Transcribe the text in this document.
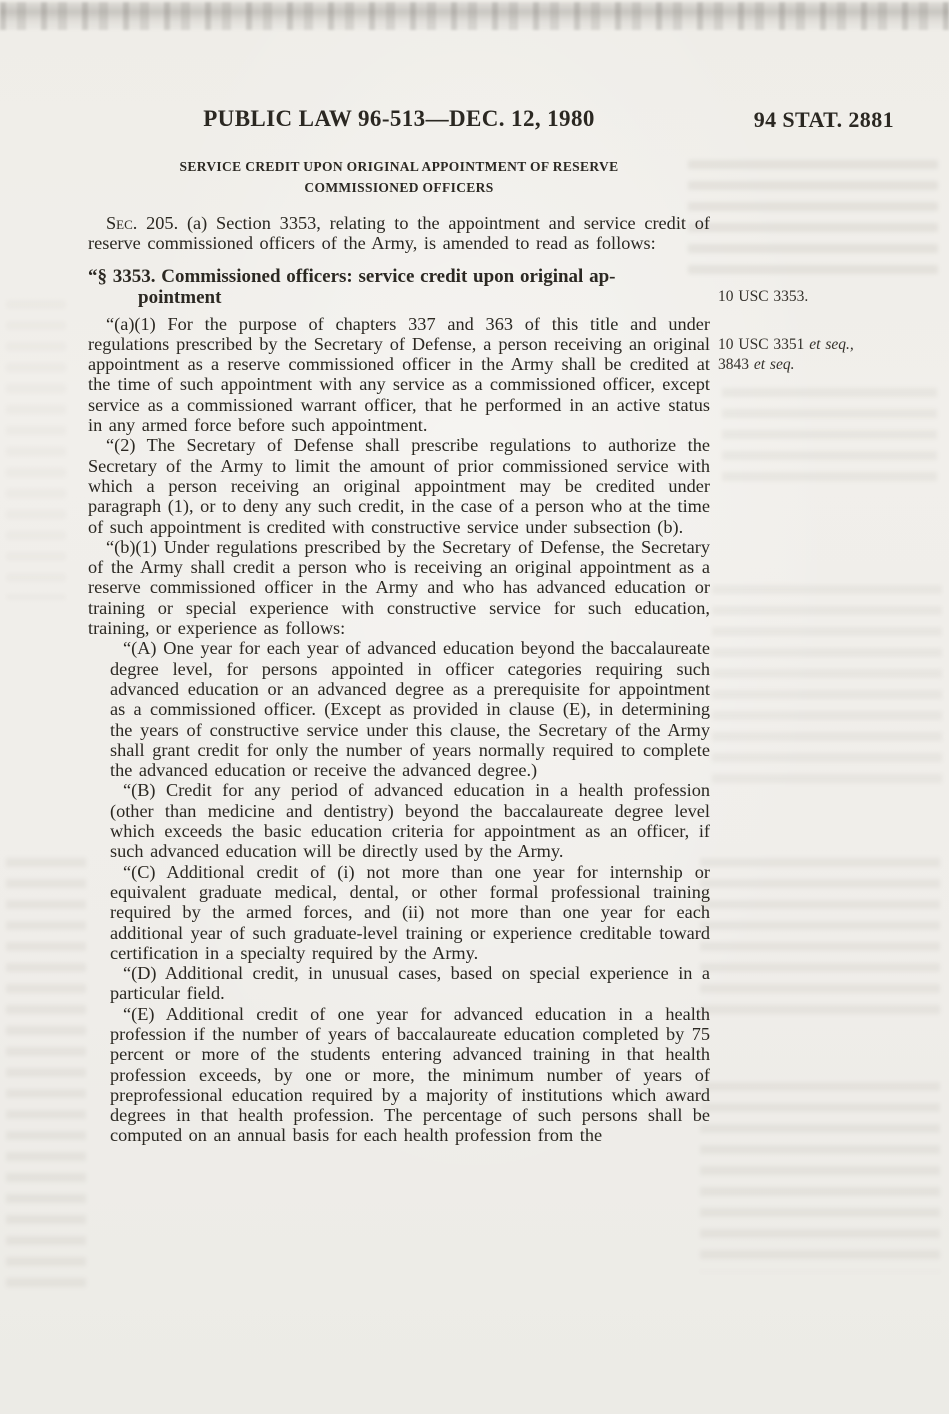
PUBLIC LAW 96-513—DEC. 12, 1980	94 STAT. 2881
SERVICE CREDIT UPON ORIGINAL APPOINTMENT OF RESERVE
COMMISSIONED OFFICERS

Sec. 205. (a) Section 3353, relating to the appointment and service credit of reserve commissioned officers of the Army, is amended to read as follows:

“§ 3353. Commissioned officers: service credit upon original ap-
pointment

“(a)(1) For the purpose of chapters 337 and 363 of this title and under regulations prescribed by the Secretary of Defense, a person receiving an original appointment as a reserve commissioned officer in the Army shall be credited at the time of such appointment with any service as a commissioned officer, except service as a commissioned warrant officer, that he performed in an active status in any armed force before such appointment.

“(2) The Secretary of Defense shall prescribe regulations to authorize the Secretary of the Army to limit the amount of prior commissioned service with which a person receiving an original appointment may be credited under paragraph (1), or to deny any such credit, in the case of a person who at the time of such appointment is credited with constructive service under subsection (b).

“(b)(1) Under regulations prescribed by the Secretary of Defense, the Secretary of the Army shall credit a person who is receiving an original appointment as a reserve commissioned officer in the Army and who has advanced education or training or special experience with constructive service for such education, training, or experience as follows:

“(A) One year for each year of advanced education beyond the baccalaureate degree level, for persons appointed in officer categories requiring such advanced education or an advanced degree as a prerequisite for appointment as a commissioned officer. (Except as provided in clause (E), in determining the years of constructive service under this clause, the Secretary of the Army shall grant credit for only the number of years normally required to complete the advanced education or receive the advanced degree.)

“(B) Credit for any period of advanced education in a health profession (other than medicine and dentistry) beyond the baccalaureate degree level which exceeds the basic education criteria for appointment as an officer, if such advanced education will be directly used by the Army.

“(C) Additional credit of (i) not more than one year for internship or equivalent graduate medical, dental, or other formal professional training required by the armed forces, and (ii) not more than one year for each additional year of such graduate-level training or experience creditable toward certification in a specialty required by the Army.

“(D) Additional credit, in unusual cases, based on special experience in a particular field.

“(E) Additional credit of one year for advanced education in a health profession if the number of years of baccalaureate education completed by 75 percent or more of the students entering advanced training in that health profession exceeds, by one or more, the minimum number of years of preprofessional education required by a majority of institutions which award degrees in that health profession. The percentage of such persons shall be computed on an annual basis for each health profession from the

10 USC 3353.
10 USC 3351 et seq., 3843 et seq.
